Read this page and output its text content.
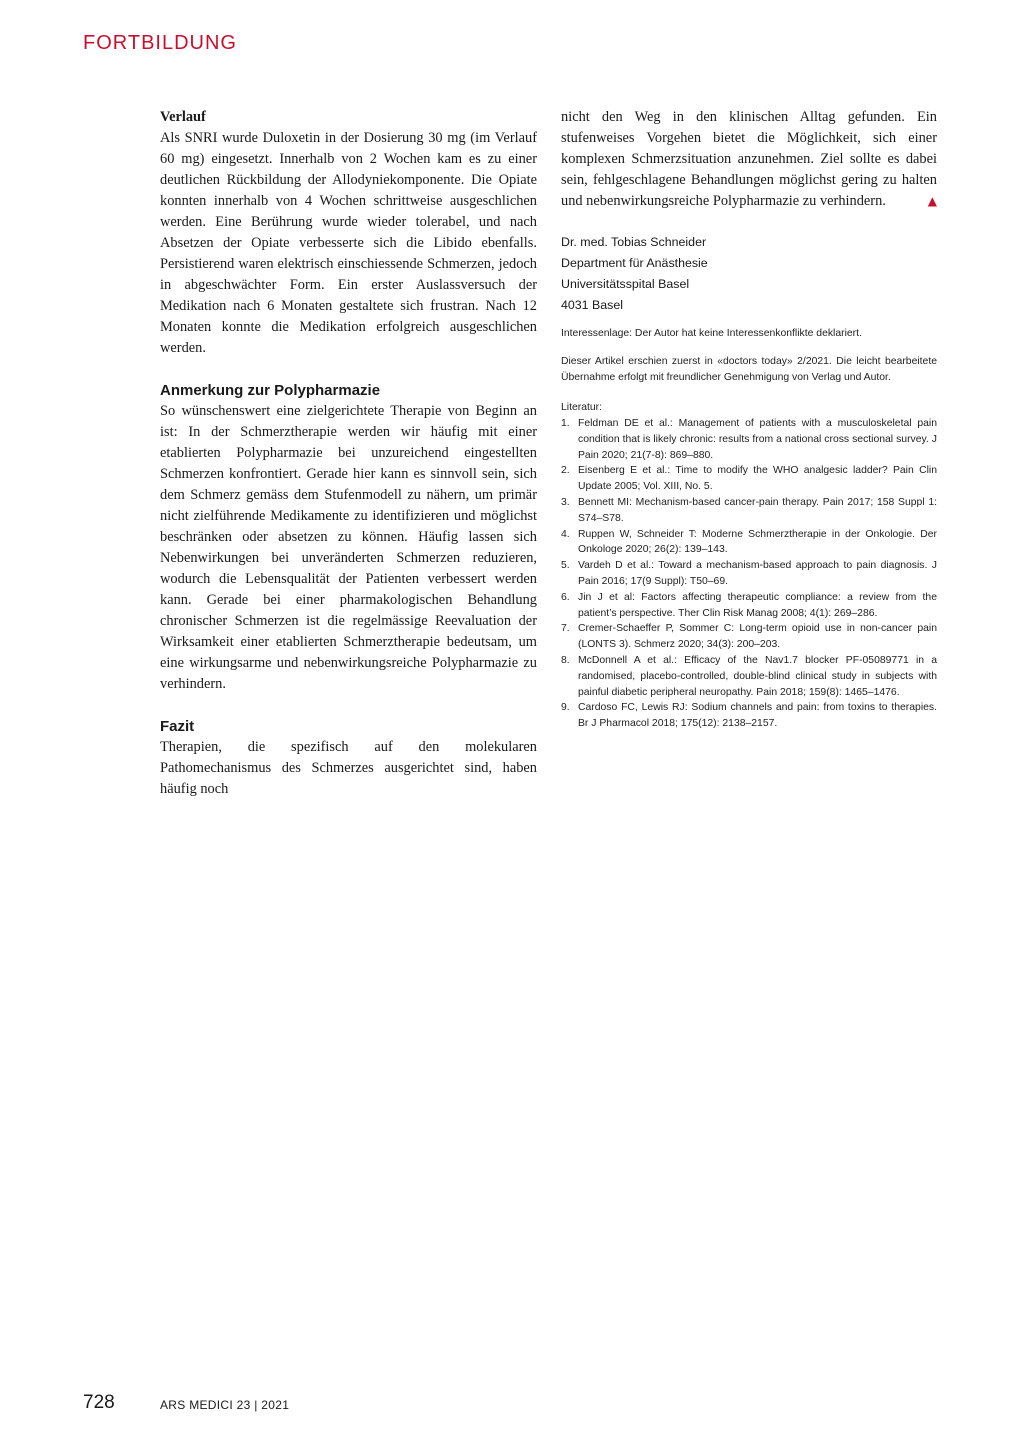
FORTBILDUNG

Verlauf

Als SNRI wurde Duloxetin in der Dosierung 30 mg (im Verlauf 60 mg) eingesetzt. Innerhalb von 2 Wochen kam es zu einer deutlichen Rückbildung der Allodyniekomponente. Die Opiate konnten innerhalb von 4 Wochen schrittweise ausgeschlichen werden. Eine Berührung wurde wieder tolerabel, und nach Absetzen der Opiate verbesserte sich die Libido ebenfalls. Persistierend waren elektrisch einschiessende Schmerzen, jedoch in abgeschwächter Form. Ein erster Auslassversuch der Medikation nach 6 Monaten gestaltete sich frustran. Nach 12 Monaten konnte die Medikation erfolgreich ausgeschlichen werden.

Anmerkung zur Polypharmazie

So wünschenswert eine zielgerichtete Therapie von Beginn an ist: In der Schmerztherapie werden wir häufig mit einer etablierten Polypharmazie bei unzureichend eingestellten Schmerzen konfrontiert. Gerade hier kann es sinnvoll sein, sich dem Schmerz gemäss dem Stufenmodell zu nähern, um primär nicht zielführende Medikamente zu identifizieren und möglichst beschränken oder absetzen zu können. Häufig lassen sich Nebenwirkungen bei unveränderten Schmerzen reduzieren, wodurch die Lebensqualität der Patienten verbessert werden kann. Gerade bei einer pharmakologischen Behandlung chronischer Schmerzen ist die regelmässige Reevaluation der Wirksamkeit einer etablierten Schmerztherapie bedeutsam, um eine wirkungsarme und nebenwirkungsreiche Polypharmazie zu verhindern.

Fazit

Therapien, die spezifisch auf den molekularen Pathomechanismus des Schmerzes ausgerichtet sind, haben häufig noch

nicht den Weg in den klinischen Alltag gefunden. Ein stufenweises Vorgehen bietet die Möglichkeit, sich einer komplexen Schmerzsituation anzunehmen. Ziel sollte es dabei sein, fehlgeschlagene Behandlungen möglichst gering zu halten und nebenwirkungsreiche Polypharmazie zu verhindern.	▲

Dr. med. Tobias Schneider

Department für Anästhesie

Universitätsspital Basel

4031 Basel

Interessenlage: Der Autor hat keine Interessenkonflikte deklariert.

Dieser Artikel erschien zuerst in «doctors today» 2/2021. Die leicht bearbeitete Übernahme erfolgt mit freundlicher Genehmigung von Verlag und Autor.

Literatur:

1. Feldman DE et al.: Management of patients with a musculoskeletal pain condition that is likely chronic: results from a national cross sectional survey. J Pain 2020; 21(7-8): 869–880.
2. Eisenberg E et al.: Time to modify the WHO analgesic ladder? Pain Clin Update 2005; Vol. XIII, No. 5.
3. Bennett MI: Mechanism-based cancer-pain therapy. Pain 2017; 158 Suppl 1: S74–S78.
4. Ruppen W, Schneider T: Moderne Schmerztherapie in der Onkologie. Der Onkologe 2020; 26(2): 139–143.
5. Vardeh D et al.: Toward a mechanism-based approach to pain diagnosis. J Pain 2016; 17(9 Suppl): T50–69.
6. Jin J et al: Factors affecting therapeutic compliance: a review from the patient’s perspective. Ther Clin Risk Manag 2008; 4(1): 269–286.
7. Cremer-Schaeffer P, Sommer C: Long-term opioid use in non-cancer pain (LONTS 3). Schmerz 2020; 34(3): 200–203.
8. McDonnell A et al.: Efficacy of the Nav1.7 blocker PF-05089771 in a randomised, placebo-controlled, double-blind clinical study in subjects with painful diabetic peripheral neuropathy. Pain 2018; 159(8): 1465–1476.
9. Cardoso FC, Lewis RJ: Sodium channels and pain: from toxins to therapies. Br J Pharmacol 2018; 175(12): 2138–2157.
728	ARS MEDICI 23 | 2021
